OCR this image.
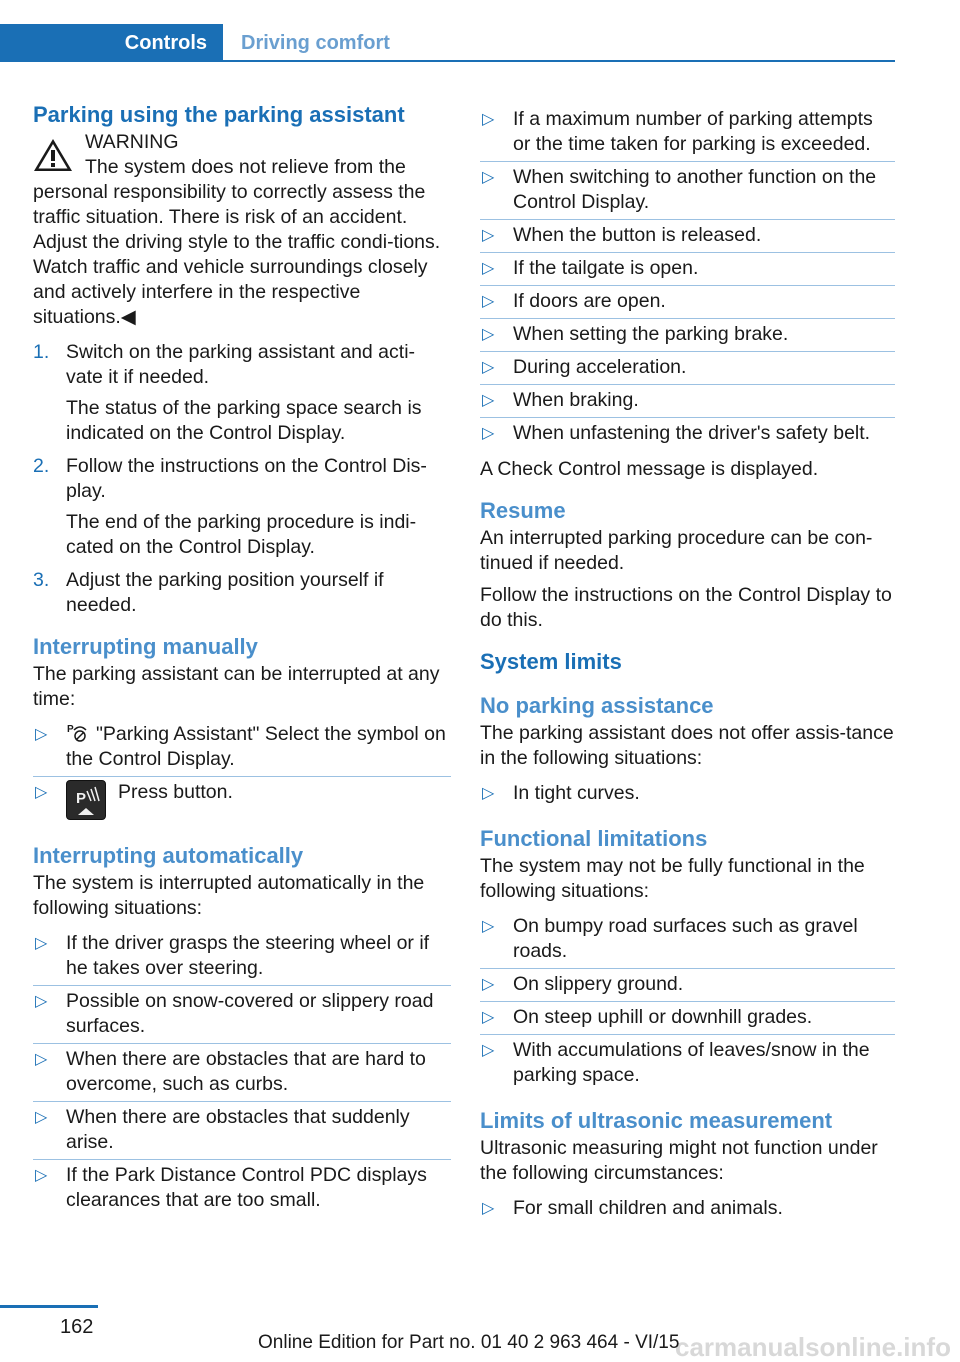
Controls	Driving comfort
Parking using the parking assistant
WARNING

The system does not relieve from the personal responsibility to correctly assess the traffic situation. There is risk of an accident. Adjust the driving style to the traffic condi‐tions. Watch traffic and vehicle surroundings closely and actively interfere in the respective situations.◀

1. Switch on the parking assistant and acti‐vate it if needed.

The status of the parking space search is indicated on the Control Display.

2. Follow the instructions on the Control Dis‐play.

The end of the parking procedure is indi‐cated on the Control Display.

3. Adjust the parking position yourself if needed.

Interrupting manually

The parking assistant can be interrupted at any time:

▷ P "Parking Assistant" Select the symbol on the Control Display.
▷ P Press button.
Interrupting automatically

The system is interrupted automatically in the following situations:

▷ If the driver grasps the steering wheel or if he takes over steering.
▷ Possible on snow-covered or slippery road surfaces.
▷ When there are obstacles that are hard to overcome, such as curbs.
▷ When there are obstacles that suddenly arise.
▷ If the Park Distance Control PDC displays clearances that are too small.
▷ If a maximum number of parking attempts or the time taken for parking is exceeded.
▷ When switching to another function on the Control Display.
▷ When the button is released.
▷ If the tailgate is open.
▷ If doors are open.
▷ When setting the parking brake.
▷ During acceleration.
▷ When braking.
▷ When unfastening the driver's safety belt.

A Check Control message is displayed.

Resume

An interrupted parking procedure can be con‐tinued if needed.

Follow the instructions on the Control Display to do this.

System limits
No parking assistance

The parking assistant does not offer assis‐tance in the following situations:

▷ In tight curves.
Functional limitations

The system may not be fully functional in the following situations:

▷ On bumpy road surfaces such as gravel roads.
▷ On slippery ground.
▷ On steep uphill or downhill grades.
▷ With accumulations of leaves/snow in the parking space.
Limits of ultrasonic measurement

Ultrasonic measuring might not function under the following circumstances:

▷ For small children and animals.
162
carmanualsonline.info
Online Edition for Part no. 01 40 2 963 464 - VI/15
